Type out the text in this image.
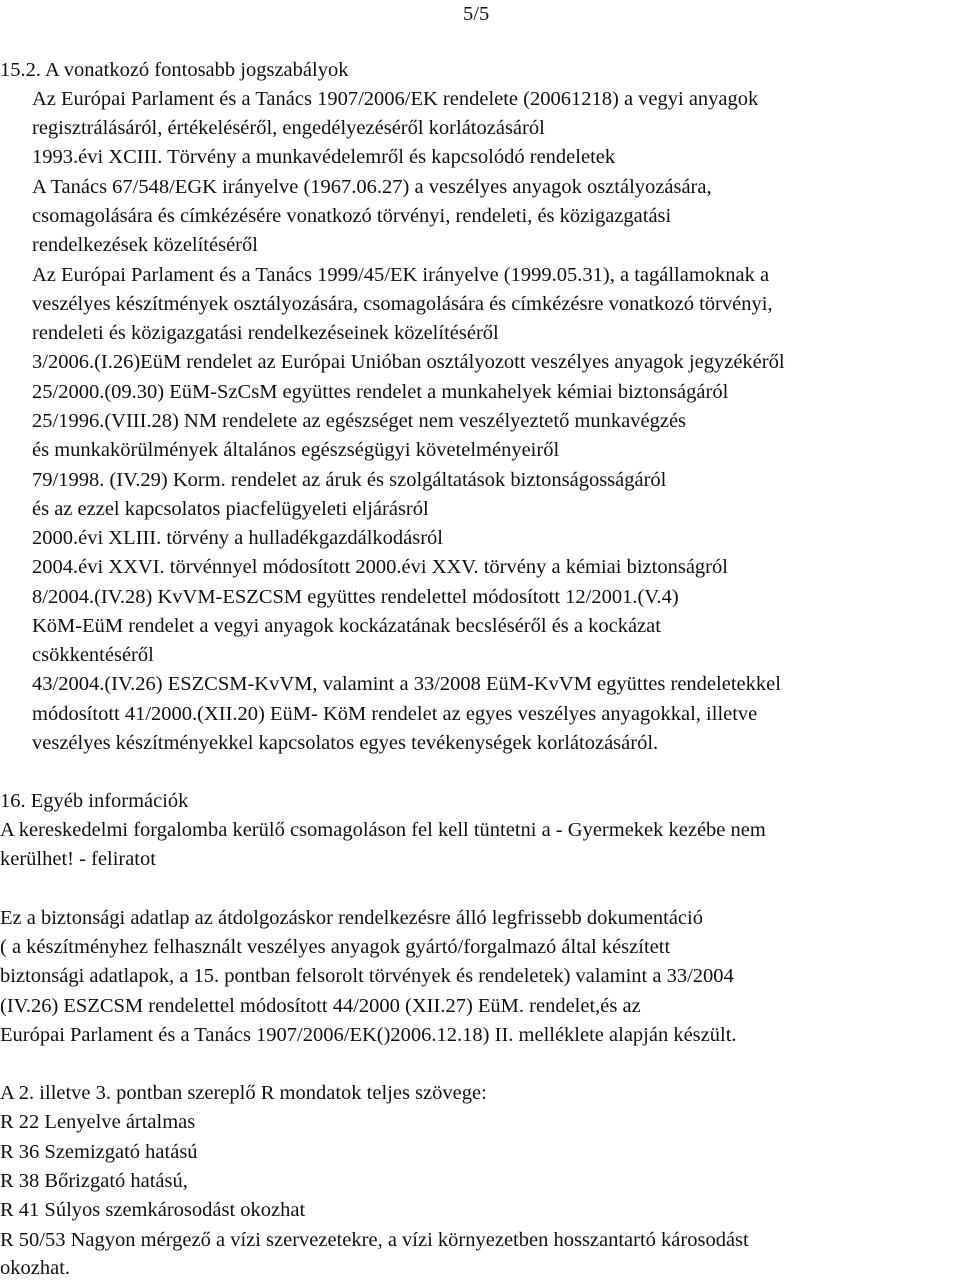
5/5
15.2. A vonatkozó fontosabb jogszabályok
Az Európai Parlament és a Tanács 1907/2006/EK rendelete (20061218) a vegyi anyagok
regisztrálásáról, értékeléséről, engedélyezéséről korlátozásáról
1993.évi XCIII. Törvény a munkavédelemről és kapcsolódó rendeletek
A Tanács 67/548/EGK irányelve (1967.06.27) a veszélyes anyagok osztályozására,
csomagolására és címkézésére vonatkozó törvényi, rendeleti, és közigazgatási
rendelkezések közelítéséről
Az Európai Parlament és a Tanács 1999/45/EK irányelve (1999.05.31), a tagállamoknak a
veszélyes készítmények osztályozására, csomagolására és címkézésre vonatkozó törvényi,
rendeleti és közigazgatási rendelkezéseinek közelítéséről
3/2006.(I.26)EüM rendelet az Európai Unióban osztályozott veszélyes anyagok jegyzékéről
25/2000.(09.30) EüM-SzCsM együttes rendelet a munkahelyek kémiai biztonságáról
25/1996.(VIII.28) NM rendelete az egészséget nem veszélyeztető munkavégzés
és munkakörülmények általános egészségügyi követelményeiről
79/1998. (IV.29) Korm. rendelet az áruk és szolgáltatások biztonságosságáról
és az ezzel kapcsolatos piacfelügyeleti eljárásról
2000.évi XLIII. törvény a hulladékgazdálkodásról
2004.évi XXVI. törvénnyel módosított 2000.évi XXV. törvény a kémiai biztonságról
8/2004.(IV.28) KvVM-ESZCSM együttes rendelettel módosított 12/2001.(V.4)
KöM-EüM rendelet a vegyi anyagok kockázatának becsléséről és a kockázat
csökkentéséről
43/2004.(IV.26) ESZCSM-KvVM, valamint a 33/2008 EüM-KvVM együttes rendeletekkel
módosított 41/2000.(XII.20) EüM- KöM rendelet az egyes veszélyes anyagokkal, illetve
veszélyes készítményekkel kapcsolatos egyes tevékenységek korlátozásáról.
16. Egyéb információk
A kereskedelmi forgalomba kerülő csomagoláson fel kell tüntetni a - Gyermekek kezébe nem
kerülhet! - feliratot
Ez a biztonsági adatlap az átdolgozáskor rendelkezésre álló legfrissebb dokumentáció
( a készítményhez felhasznált veszélyes anyagok gyártó/forgalmazó által készített
biztonsági adatlapok, a 15. pontban felsorolt törvények és rendeletek) valamint a 33/2004
(IV.26) ESZCSM rendelettel módosított 44/2000 (XII.27) EüM. rendelet,és az
Európai Parlament és a Tanács 1907/2006/EK()2006.12.18) II. melléklete alapján készült.
A 2. illetve 3. pontban szereplő R mondatok teljes szövege:
R 22 Lenyelve ártalmas
R 36 Szemizgató hatású
R 38 Bőrizgató hatású,
R 41 Súlyos szemkárosodást okozhat
R 50/53 Nagyon mérgező a vízi szervezetekre, a vízi környezetben hosszantartó károsodást
okozhat.
